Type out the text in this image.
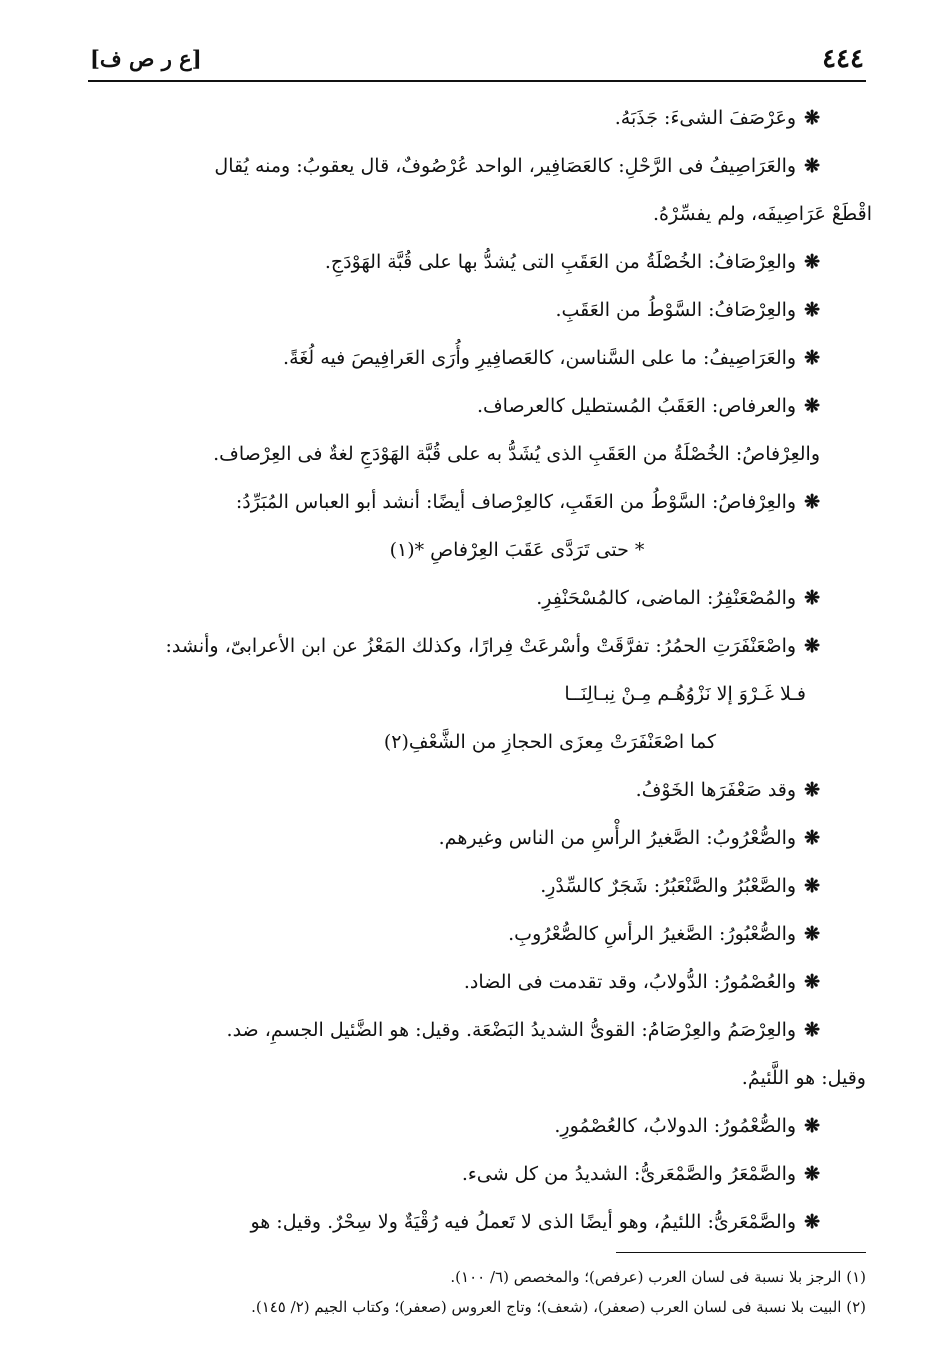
٤٤٤
[ع ر ص ف]

❋وعَرْصَفَ الشىءَ: جَذَبَهُ.

❋والعَرَاصِيفُ فى الرَّحْلِ: كالعَصَافِير، الواحد عُرْصُوفٌ، قال يعقوبُ: ومنه يُقال

اقْطَعْ عَرَاصِيفَه، ولم يفسِّرْهُ.

❋والعِرْصَافُ: الخُصْلَةُ من العَقَبِ التى يُشدُّ بها على قُبَّة الهَوْدَجِ.

❋والعِرْصَافُ: السَّوْطُ من العَقَبِ.

❋والعَرَاصِيفُ: ما على السَّناسن، كالعَصافِيرِ وأُرَى العَرافِيصَ فيه لُغَةً.

❋والعرفاص: العَقَبُ المُستطيل كالعرصاف.

والعِرْفاصُ: الخُصْلَةُ من العَقَبِ الذى يُشَدُّ به على قُبَّة الهَوْدَجِ لغةٌ فى العِرْصاف.

❋والعِرْفاصُ: السَّوْطُ من العَقَبِ، كالعِرْصاف أيضًا: أنشد أبو العباس المُبَرِّدُ:

* حتى تَرَدَّى عَقَبَ العِرْفاصِ *(١)

❋والمُصْعَنْفِرُ: الماضى، كالمُسْحَنْفِرِ.

❋واصْعَنْفَرَتِ الحمُرُ: تفرَّقَتْ وأسْرعَتْ فِرارًا، وكذلك المَعْزُ عن ابن الأعرابىّ، وأنشد:

فـلا غَـرْوَ إلا نَزْوُهُـم مِـنْ نِبـالِنَــا

كما اصْعَنْفَرَتْ مِعزَى الحجازِ من الشَّعْفِ(٢)

❋وقد صَعْفَرَها الخَوْفُ.

❋والصُّعْرُوبُ: الصَّغيرُ الرأْسِ من الناس وغيرهم.

❋والصَّعْبُرُ والصَّنْعَبُرُ: شَجَرٌ كالسِّدْرِ.

❋والصُّعْبُورُ: الصَّغيرُ الرأسِ كالصُّعْرُوبِ.

❋والعُصْمُورُ: الدُّولابُ، وقد تقدمت فى الضاد.

❋والعِرْصَمُ والعِرْصَامُ: القوىُّ الشديدُ البَضْعَة. وقيل: هو الضَّئيل الجسمِ، ضد.

وقيل: هو اللَّئيمُ.

❋والصُّعْمُورُ: الدولابُ، كالعُصْمُورِ.

❋والصَّمْعَرُ والصَّمْعَرىُّ: الشديدُ من كل شىء.

❋والصَّمْعَرىُّ: اللئيمُ، وهو أيضًا الذى لا تَعملُ فيه رُقْيَةٌ ولا سِحْرٌ. وقيل: هو

(١) الرجز بلا نسبة فى لسان العرب (عرفص)؛ والمخصص (٦/ ١٠٠).

(٢) البيت بلا نسبة فى لسان العرب (صعفر)، (شعف)؛ وتاج العروس (صعفر)؛ وكتاب الجيم (٢/ ١٤٥).
